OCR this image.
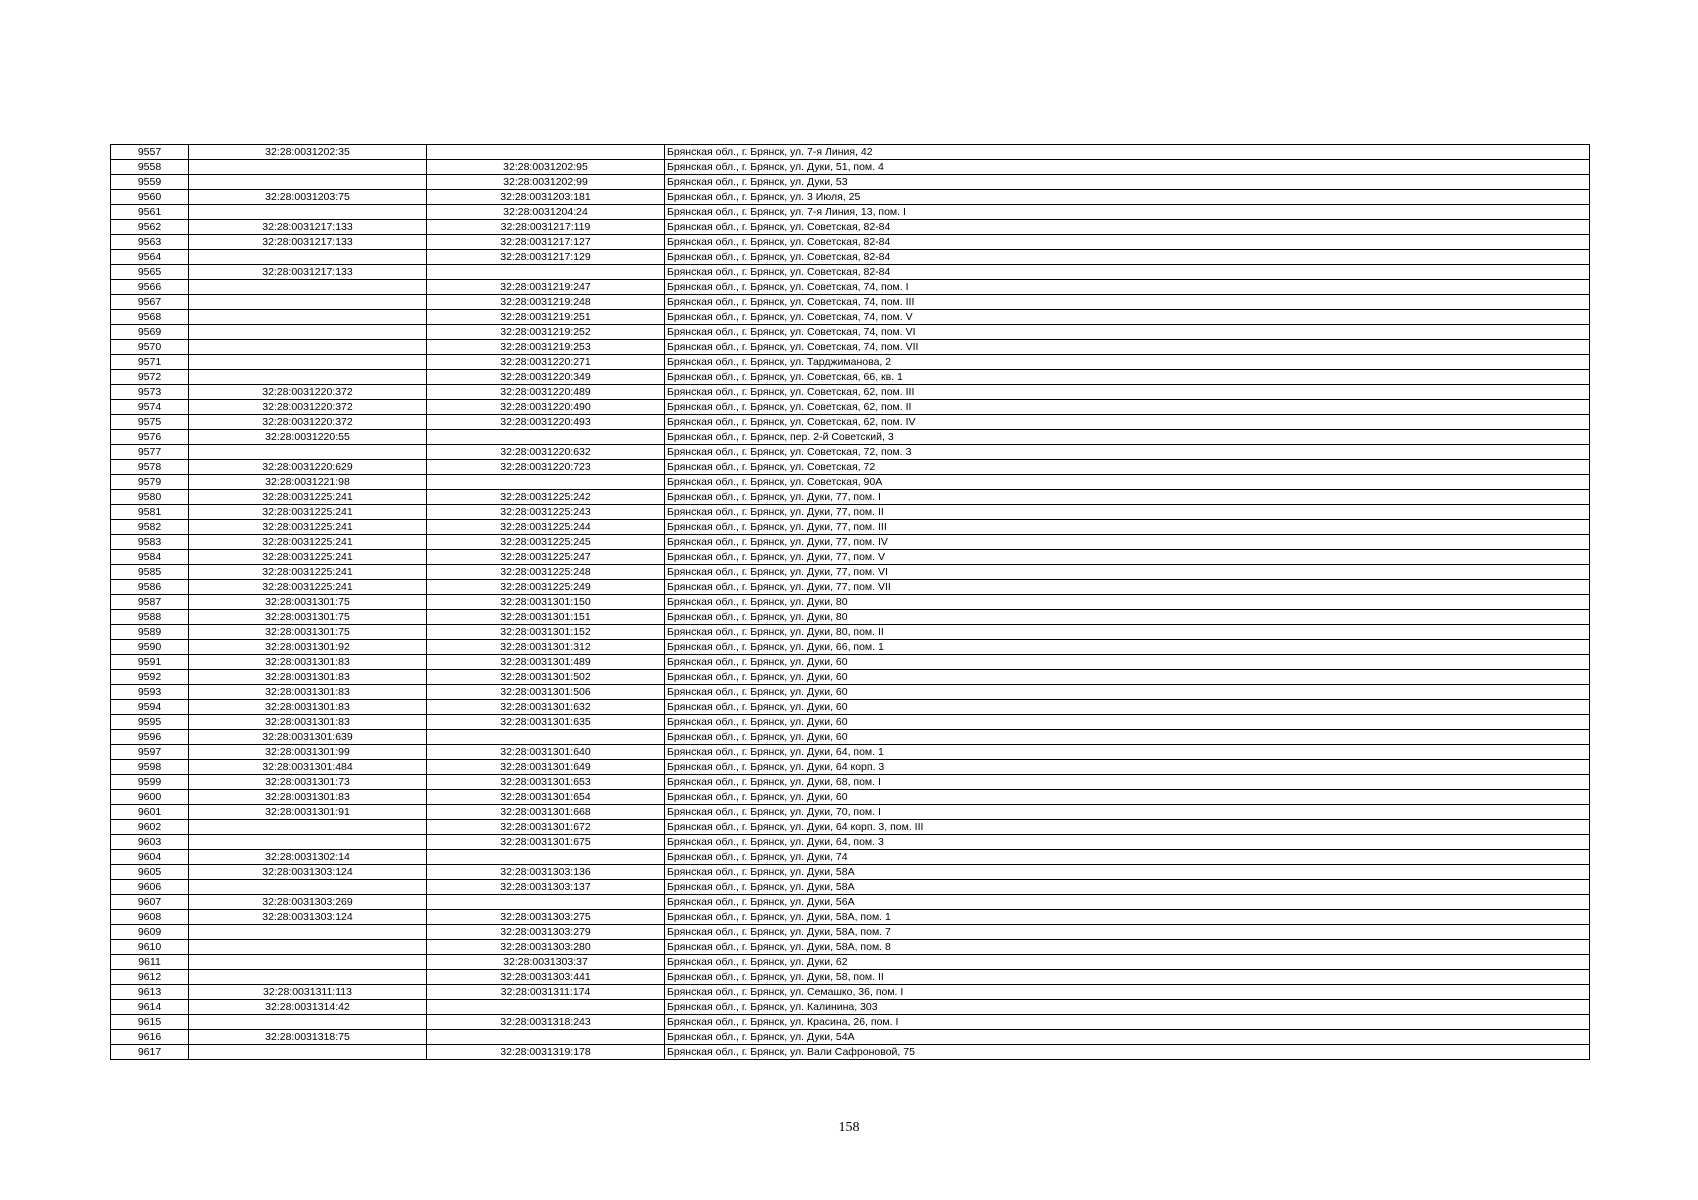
9557	32:28:0031202:35		Брянская обл., г. Брянск, ул. 7-я Линия, 42
9558		32:28:0031202:95	Брянская обл., г. Брянск, ул. Дуки, 51, пом. 4
9559		32:28:0031202:99	Брянская обл., г. Брянск, ул. Дуки, 53
9560	32:28:0031203:75	32:28:0031203:181	Брянская обл., г. Брянск, ул. 3 Июля, 25
9561		32:28:0031204:24	Брянская обл., г. Брянск, ул. 7-я Линия, 13, пом. I
9562	32:28:0031217:133	32:28:0031217:119	Брянская обл., г. Брянск, ул. Советская, 82-84
9563	32:28:0031217:133	32:28:0031217:127	Брянская обл., г. Брянск, ул. Советская, 82-84
9564		32:28:0031217:129	Брянская обл., г. Брянск, ул. Советская, 82-84
9565	32:28:0031217:133		Брянская обл., г. Брянск, ул. Советская, 82-84
9566		32:28:0031219:247	Брянская обл., г. Брянск, ул. Советская, 74, пом. I
9567		32:28:0031219:248	Брянская обл., г. Брянск, ул. Советская, 74, пом. III
9568		32:28:0031219:251	Брянская обл., г. Брянск, ул. Советская, 74, пом. V
9569		32:28:0031219:252	Брянская обл., г. Брянск, ул. Советская, 74, пом. VI
9570		32:28:0031219:253	Брянская обл., г. Брянск, ул. Советская, 74, пом. VII
9571		32:28:0031220:271	Брянская обл., г. Брянск, ул. Тарджиманова, 2
9572		32:28:0031220:349	Брянская обл., г. Брянск, ул. Советская, 66, кв. 1
9573	32:28:0031220:372	32:28:0031220:489	Брянская обл., г. Брянск, ул. Советская, 62, пом. III
9574	32:28:0031220:372	32:28:0031220:490	Брянская обл., г. Брянск, ул. Советская, 62, пом. II
9575	32:28:0031220:372	32:28:0031220:493	Брянская обл., г. Брянск, ул. Советская, 62, пом. IV
9576	32:28:0031220:55		Брянская обл., г. Брянск, пер. 2-й Советский, 3
9577		32:28:0031220:632	Брянская обл., г. Брянск, ул. Советская, 72, пом. 3
9578	32:28:0031220:629	32:28:0031220:723	Брянская обл., г. Брянск, ул. Советская, 72
9579	32:28:0031221:98		Брянская обл., г. Брянск, ул. Советская, 90А
9580	32:28:0031225:241	32:28:0031225:242	Брянская обл., г. Брянск, ул. Дуки, 77, пом. I
9581	32:28:0031225:241	32:28:0031225:243	Брянская обл., г. Брянск, ул. Дуки, 77, пом. II
9582	32:28:0031225:241	32:28:0031225:244	Брянская обл., г. Брянск, ул. Дуки, 77, пом. III
9583	32:28:0031225:241	32:28:0031225:245	Брянская обл., г. Брянск, ул. Дуки, 77, пом. IV
9584	32:28:0031225:241	32:28:0031225:247	Брянская обл., г. Брянск, ул. Дуки, 77, пом. V
9585	32:28:0031225:241	32:28:0031225:248	Брянская обл., г. Брянск, ул. Дуки, 77, пом. VI
9586	32:28:0031225:241	32:28:0031225:249	Брянская обл., г. Брянск, ул. Дуки, 77, пом. VII
9587	32:28:0031301:75	32:28:0031301:150	Брянская обл., г. Брянск, ул. Дуки, 80
9588	32:28:0031301:75	32:28:0031301:151	Брянская обл., г. Брянск, ул. Дуки, 80
9589	32:28:0031301:75	32:28:0031301:152	Брянская обл., г. Брянск, ул. Дуки, 80, пом. II
9590	32:28:0031301:92	32:28:0031301:312	Брянская обл., г. Брянск, ул. Дуки, 66, пом. 1
9591	32:28:0031301:83	32:28:0031301:489	Брянская обл., г. Брянск, ул. Дуки, 60
9592	32:28:0031301:83	32:28:0031301:502	Брянская обл., г. Брянск, ул. Дуки, 60
9593	32:28:0031301:83	32:28:0031301:506	Брянская обл., г. Брянск, ул. Дуки, 60
9594	32:28:0031301:83	32:28:0031301:632	Брянская обл., г. Брянск, ул. Дуки, 60
9595	32:28:0031301:83	32:28:0031301:635	Брянская обл., г. Брянск, ул. Дуки, 60
9596	32:28:0031301:639		Брянская обл., г. Брянск, ул. Дуки, 60
9597	32:28:0031301:99	32:28:0031301:640	Брянская обл., г. Брянск, ул. Дуки, 64, пом. 1
9598	32:28:0031301:484	32:28:0031301:649	Брянская обл., г. Брянск, ул. Дуки, 64 корп. 3
9599	32:28:0031301:73	32:28:0031301:653	Брянская обл., г. Брянск, ул. Дуки, 68, пом. I
9600	32:28:0031301:83	32:28:0031301:654	Брянская обл., г. Брянск, ул. Дуки, 60
9601	32:28:0031301:91	32:28:0031301:668	Брянская обл., г. Брянск, ул. Дуки, 70, пом. I
9602		32:28:0031301:672	Брянская обл., г. Брянск, ул. Дуки, 64 корп. 3, пом. III
9603		32:28:0031301:675	Брянская обл., г. Брянск, ул. Дуки, 64, пом. 3
9604	32:28:0031302:14		Брянская обл., г. Брянск, ул. Дуки, 74
9605	32:28:0031303:124	32:28:0031303:136	Брянская обл., г. Брянск, ул. Дуки, 58А
9606		32:28:0031303:137	Брянская обл., г. Брянск, ул. Дуки, 58А
9607	32:28:0031303:269		Брянская обл., г. Брянск, ул. Дуки, 56А
9608	32:28:0031303:124	32:28:0031303:275	Брянская обл., г. Брянск, ул. Дуки, 58А, пом. 1
9609		32:28:0031303:279	Брянская обл., г. Брянск, ул. Дуки, 58А, пом. 7
9610		32:28:0031303:280	Брянская обл., г. Брянск, ул. Дуки, 58А, пом. 8
9611		32:28:0031303:37	Брянская обл., г. Брянск, ул. Дуки, 62
9612		32:28:0031303:441	Брянская обл., г. Брянск, ул. Дуки, 58, пом. II
9613	32:28:0031311:113	32:28:0031311:174	Брянская обл., г. Брянск, ул. Семашко, 36, пом. I
9614	32:28:0031314:42		Брянская обл., г. Брянск, ул. Калинина, 303
9615		32:28:0031318:243	Брянская обл., г. Брянск, ул. Красина, 26, пом. I
9616	32:28:0031318:75		Брянская обл., г. Брянск, ул. Дуки, 54А
9617		32:28:0031319:178	Брянская обл., г. Брянск, ул. Вали Сафроновой, 75
158
